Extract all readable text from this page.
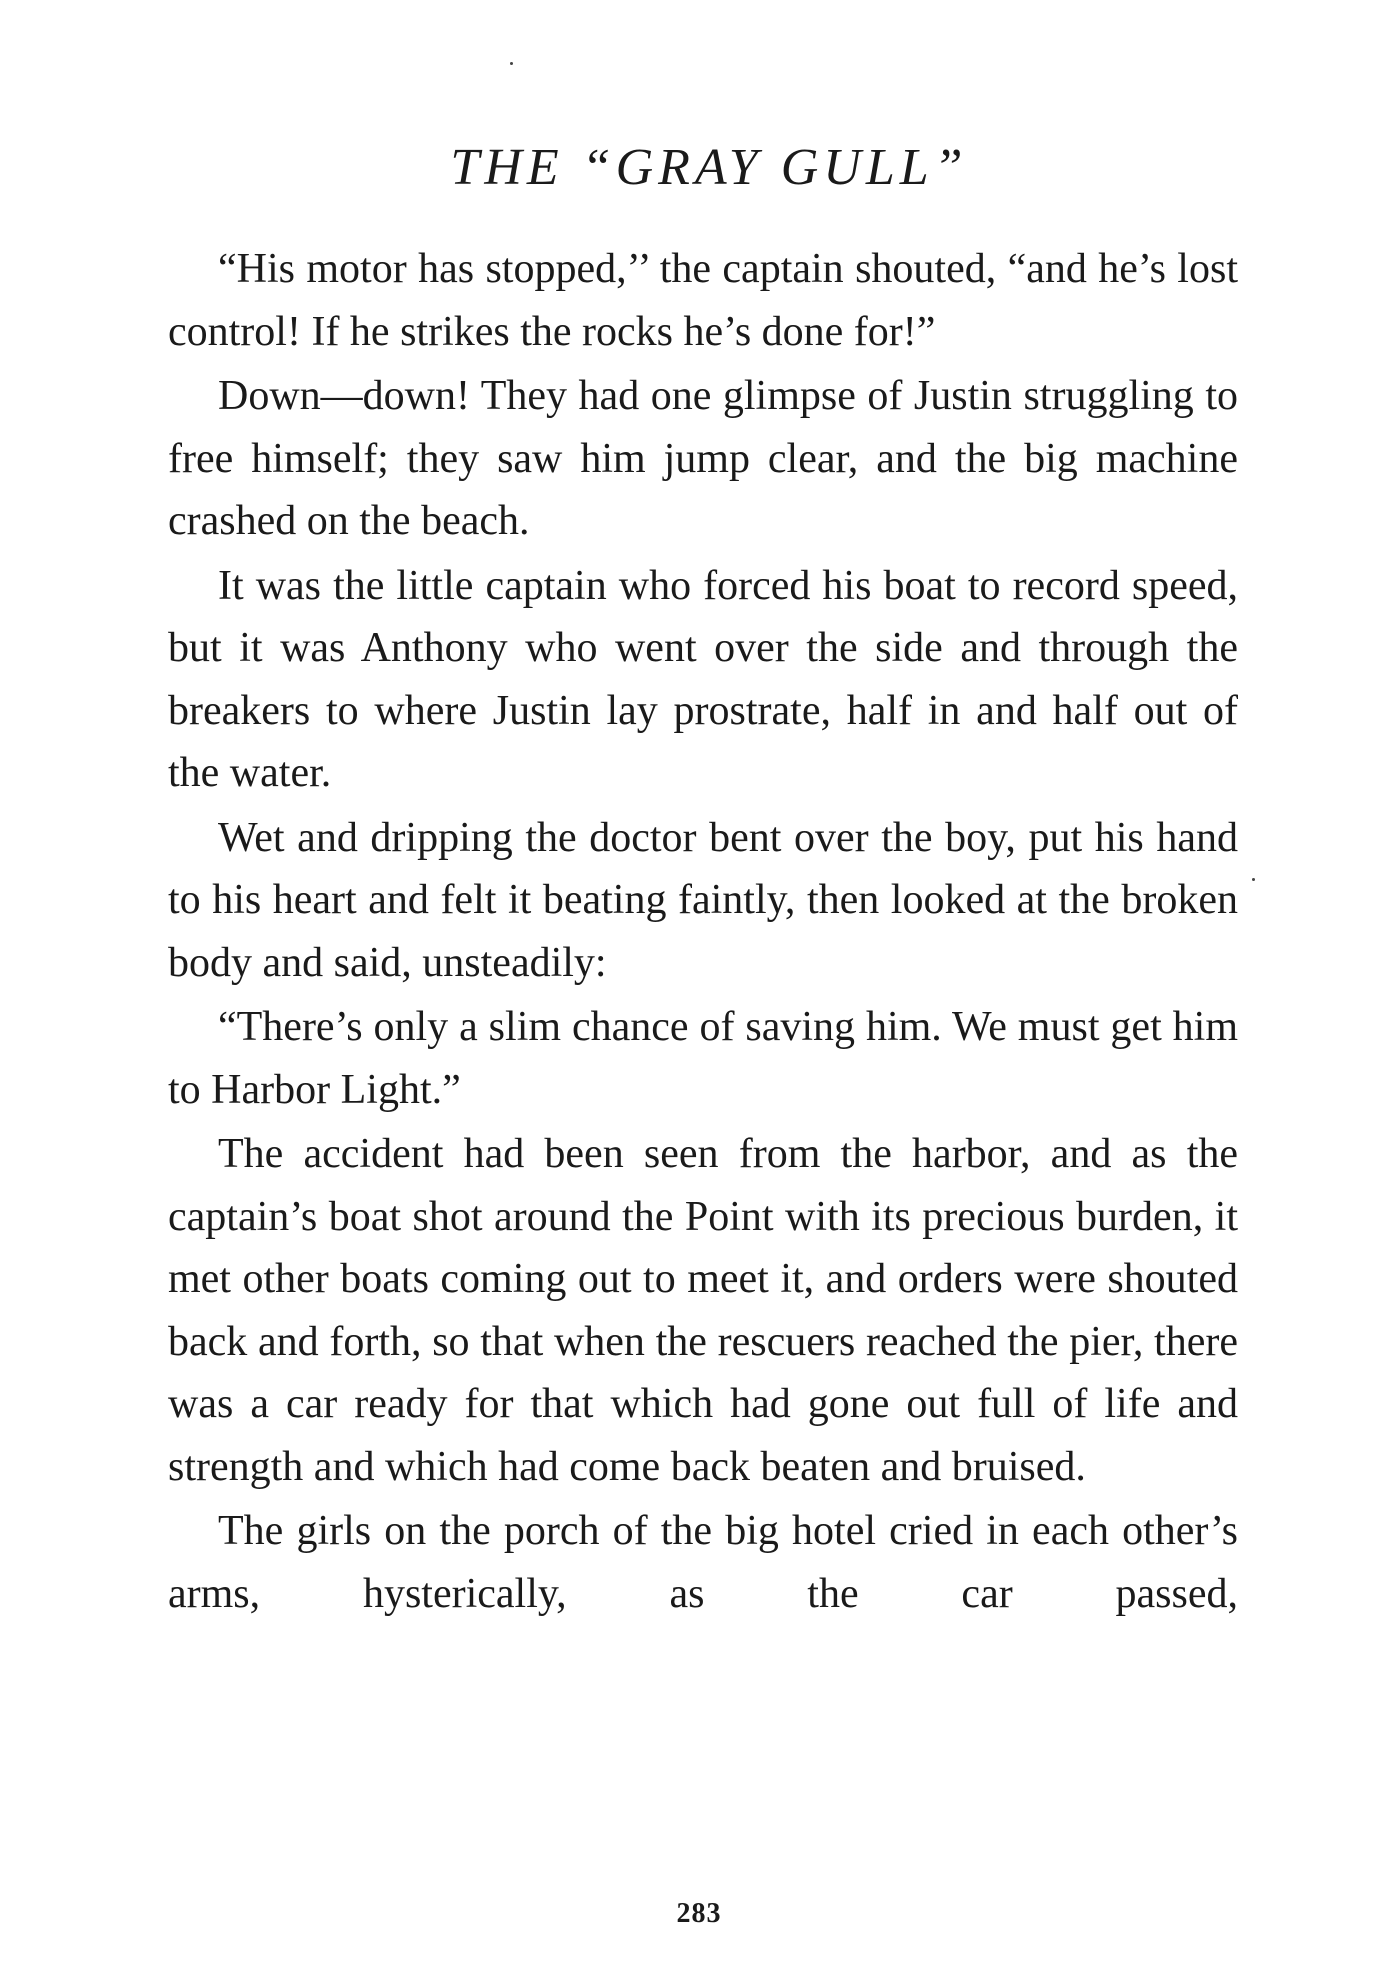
THE “GRAY GULL”

“His motor has stopped,’’ the captain shouted, “and he’s lost control! If he strikes the rocks he’s done for!”

Down—down! They had one glimpse of Justin struggling to free himself; they saw him jump clear, and the big machine crashed on the beach.

It was the little captain who forced his boat to record speed, but it was Anthony who went over the side and through the breakers to where Justin lay prostrate, half in and half out of the water.

Wet and dripping the doctor bent over the boy, put his hand to his heart and felt it beating faintly, then looked at the broken body and said, unsteadily:

“There’s only a slim chance of saving him. We must get him to Harbor Light.”

The accident had been seen from the harbor, and as the captain’s boat shot around the Point with its precious burden, it met other boats coming out to meet it, and orders were shouted back and forth, so that when the rescuers reached the pier, there was a car ready for that which had gone out full of life and strength and which had come back beaten and bruised.

The girls on the porch of the big hotel cried in each other’s arms, hysterically, as the car passed,

283
